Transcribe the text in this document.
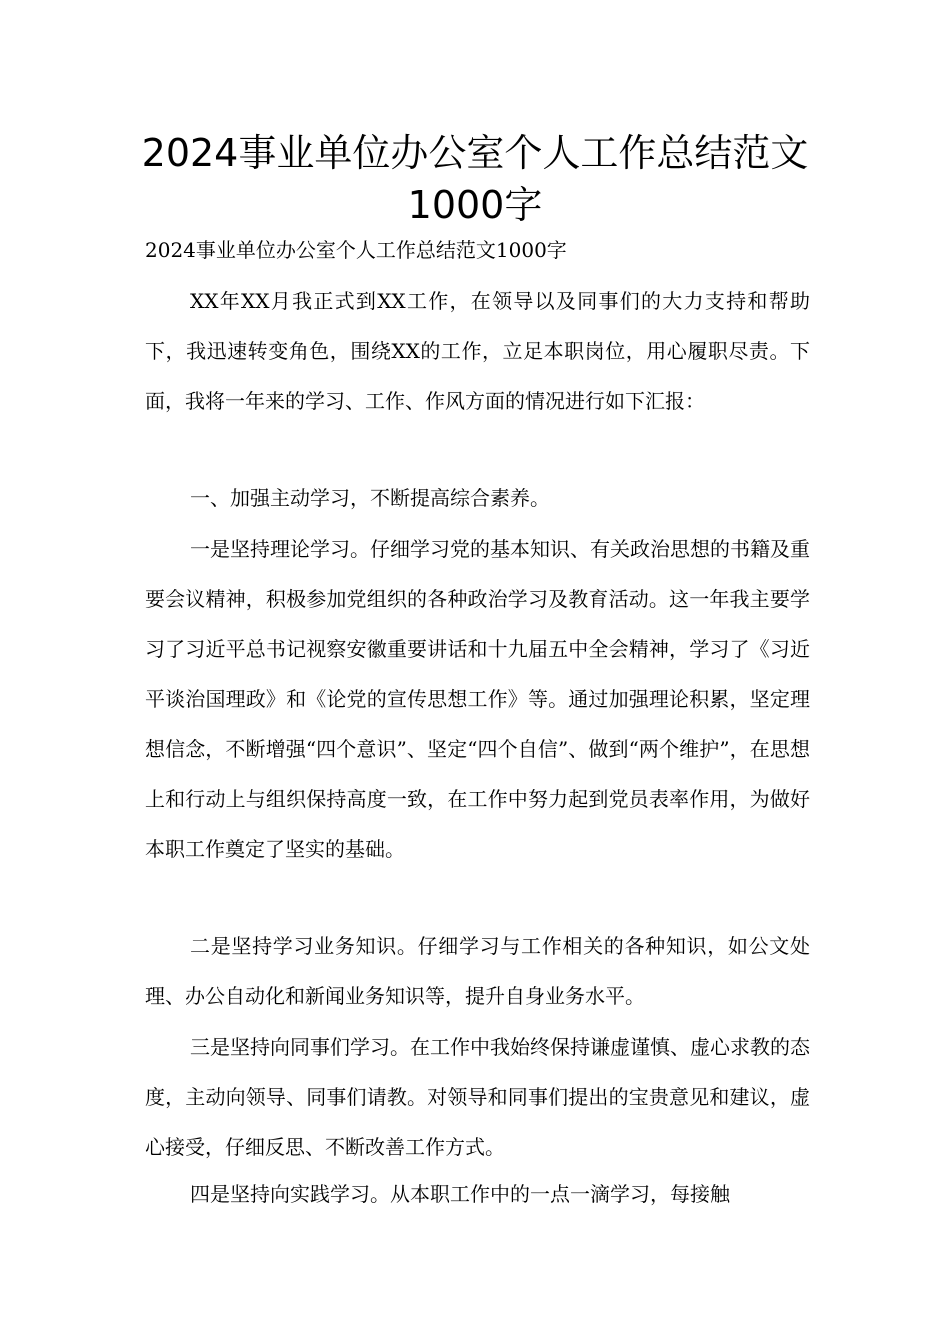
2024事业单位办公室个人工作总结范文
1000字

2024事业单位办公室个人工作总结范文1000字

XX年XX月我正式到XX工作，在领导以及同事们的大力支持和帮助下，我迅速转变角色，围绕XX的工作，立足本职岗位，用心履职尽责。下面，我将一年来的学习、工作、作风方面的情况进行如下汇报：

一、加强主动学习，不断提高综合素养。

一是坚持理论学习。仔细学习党的基本知识、有关政治思想的书籍及重要会议精神，积极参加党组织的各种政治学习及教育活动。这一年我主要学习了习近平总书记视察安徽重要讲话和十九届五中全会精神，学习了《习近平谈治国理政》和《论党的宣传思想工作》等。通过加强理论积累，坚定理想信念，不断增强“四个意识”、坚定“四个自信”、做到“两个维护”，在思想上和行动上与组织保持高度一致，在工作中努力起到党员表率作用，为做好本职工作奠定了坚实的基础。

二是坚持学习业务知识。仔细学习与工作相关的各种知识，如公文处理、办公自动化和新闻业务知识等，提升自身业务水平。

三是坚持向同事们学习。在工作中我始终保持谦虚谨慎、虚心求教的态度，主动向领导、同事们请教。对领导和同事们提出的宝贵意见和建议，虚心接受，仔细反思、不断改善工作方式。

四是坚持向实践学习。从本职工作中的一点一滴学习，每接触
